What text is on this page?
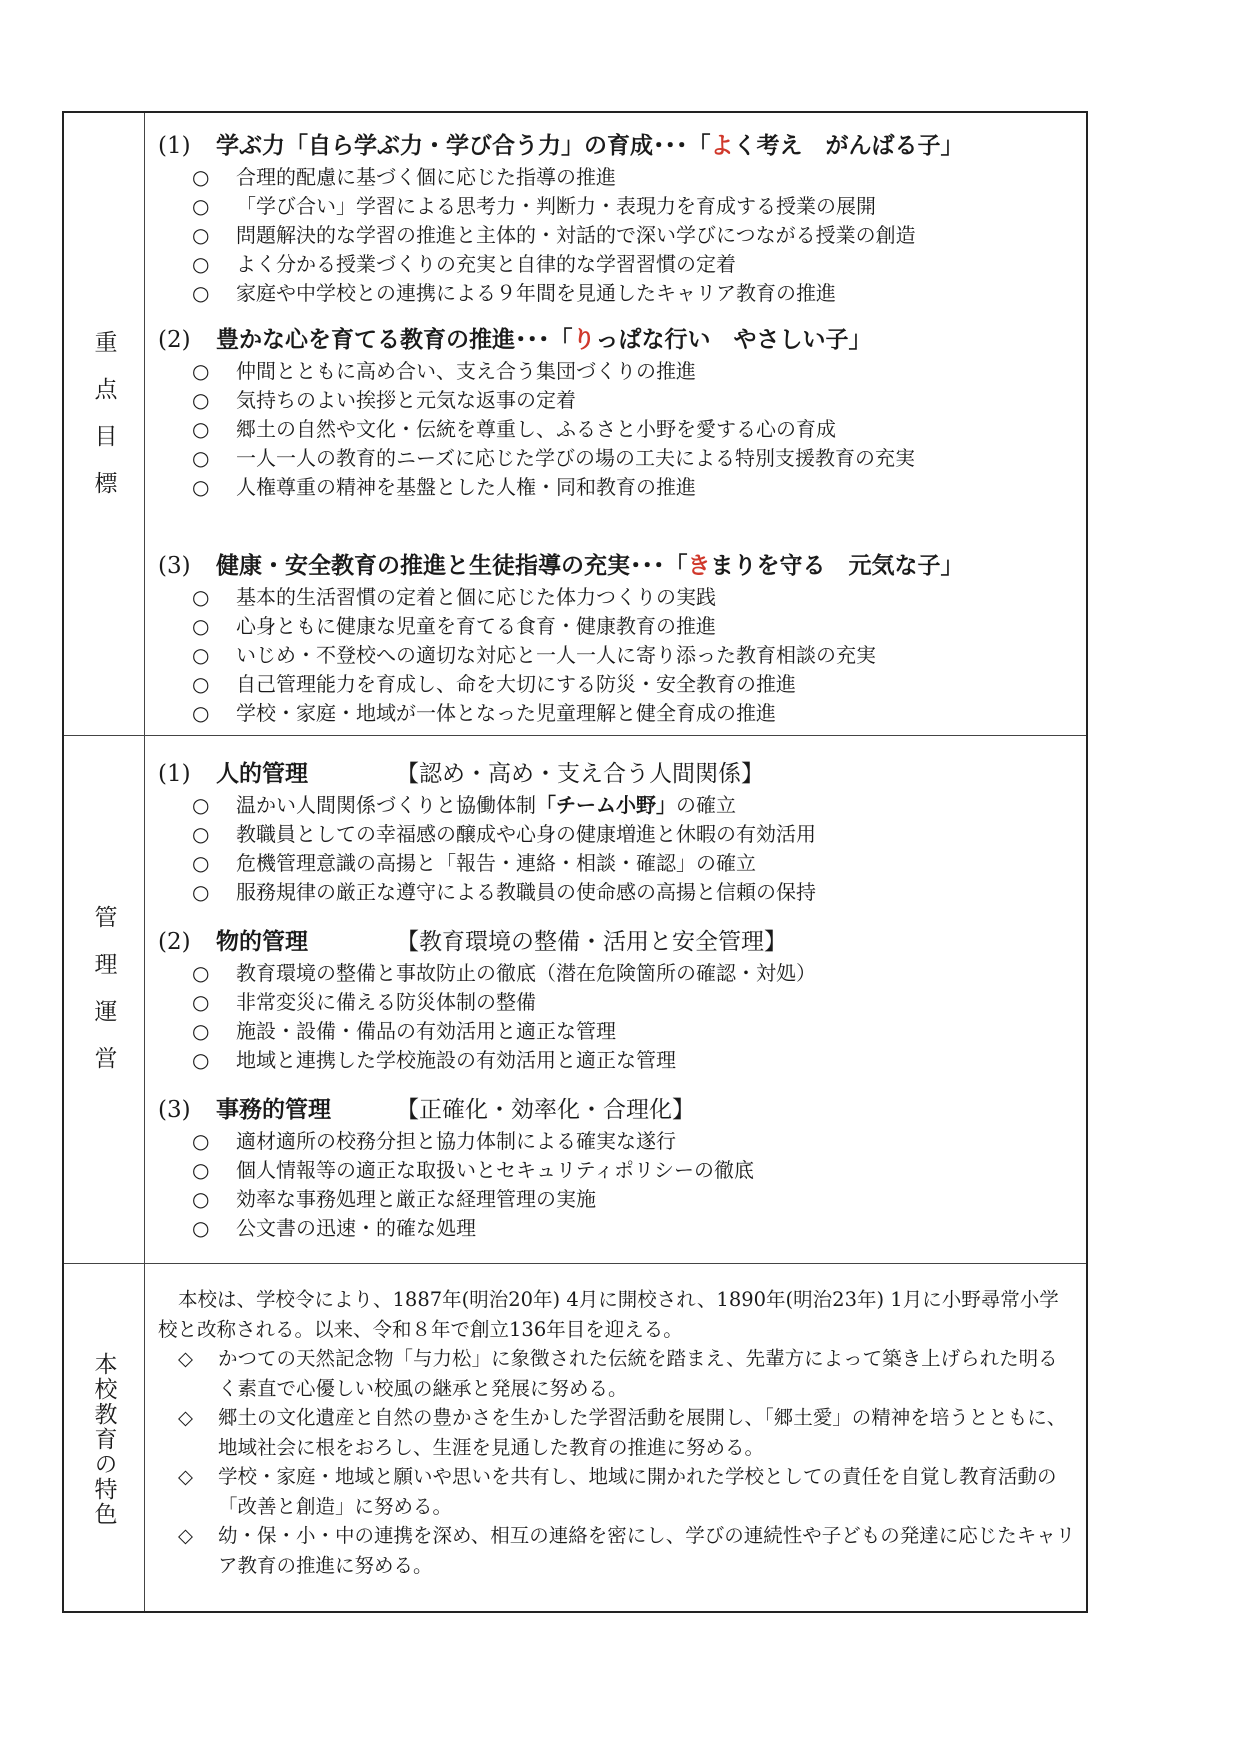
重点目標
(1)	学ぶ力「自ら学ぶ力・学び合う力」の育成･･･ 「よく考え　がんばる子」
○	合理的配慮に基づく個に応じた指導の推進
○	「学び合い」学習による思考力・判断力・表現力を育成する授業の展開
○	問題解決的な学習の推進と主体的・対話的で深い学びにつながる授業の創造
○	よく分かる授業づくりの充実と自律的な学習習慣の定着
○	家庭や中学校との連携による９年間を見通したキャリア教育の推進
(2)	豊かな心を育てる教育の推進･･･ 「りっぱな行い　やさしい子」
○	仲間とともに高め合い、支え合う集団づくりの推進
○	気持ちのよい挨拶と元気な返事の定着
○	郷土の自然や文化・伝統を尊重し、ふるさと小野を愛する心の育成
○	一人一人の教育的ニーズに応じた学びの場の工夫による特別支援教育の充実
○	人権尊重の精神を基盤とした人権・同和教育の推進
(3)	健康・安全教育の推進と生徒指導の充実･･･ 「きまりを守る　元気な子」
○	基本的生活習慣の定着と個に応じた体力つくりの実践
○	心身ともに健康な児童を育てる食育・健康教育の推進
○	いじめ・不登校への適切な対応と一人一人に寄り添った教育相談の充実
○	自己管理能力を育成し、命を大切にする防災・安全教育の推進
○	学校・家庭・地域が一体となった児童理解と健全育成の推進
管理運営
(1)	人的管理	【認め・高め・支え合う人間関係】
○	温かい人間関係づくりと協働体制 「チーム小野」 の確立
○	教職員としての幸福感の醸成や心身の健康増進と休暇の有効活用
○	危機管理意識の高揚と「報告・連絡・相談・確認」の確立
○	服務規律の厳正な遵守による教職員の使命感の高揚と信頼の保持
(2)	物的管理	【教育環境の整備・活用と安全管理】
○	教育環境の整備と事故防止の徹底（潜在危険箇所の確認・対処）
○	非常変災に備える防災体制の整備
○	施設・設備・備品の有効活用と適正な管理
○	地域と連携した学校施設の有効活用と適正な管理
(3)	事務的管理	【正確化・効率化・合理化】
○	適材適所の校務分担と協力体制による確実な遂行
○	個人情報等の適正な取扱いとセキュリティポリシーの徹底
○	効率な事務処理と厳正な経理管理の実施
○	公文書の迅速・的確な処理
本校教育の特色

本校は、学校令により、1887年(明治20年) 4月に開校され、1890年(明治23年) 1月に小野尋常小学校と改称される。以来、令和８年で創立136年目を迎える。

◇	かつての天然記念物「与力松」に象徴された伝統を踏まえ、先輩方によって築き上げられた明るく素直で心優しい校風の継承と発展に努める。
◇	郷土の文化遺産と自然の豊かさを生かした学習活動を展開し、「郷土愛」の精神を培うとともに、地域社会に根をおろし、生涯を見通した教育の推進に努める。
◇	学校・家庭・地域と願いや思いを共有し、地域に開かれた学校としての責任を自覚し教育活動の「改善と創造」に努める。
◇	幼・保・小・中の連携を深め、相互の連絡を密にし、学びの連続性や子どもの発達に応じたキャリア教育の推進に努める。
